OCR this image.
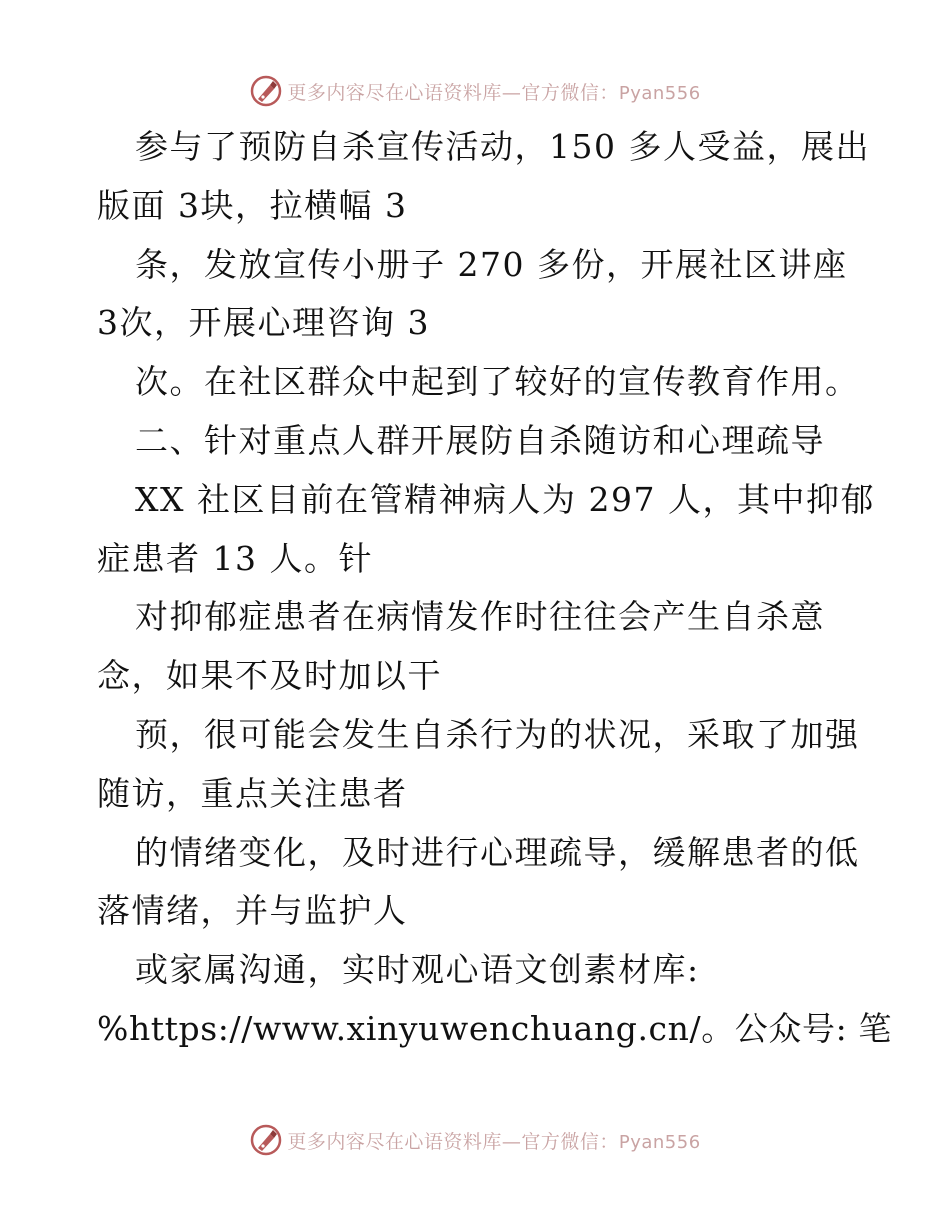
更多内容尽在心语资料库—官方微信：Pyan556
参与了预防自杀宣传活动，150 多人受益，展出
版面 3块，拉横幅 3
条，发放宣传小册子 270 多份，开展社区讲座
3次，开展心理咨询 3
次。在社区群众中起到了较好的宣传教育作用。
二、针对重点人群开展防自杀随访和心理疏导
XX 社区目前在管精神病人为 297 人，其中抑郁
症患者 13 人。针
对抑郁症患者在病情发作时往往会产生自杀意
念，如果不及时加以干
预，很可能会发生自杀行为的状况，采取了加强
随访，重点关注患者
的情绪变化，及时进行心理疏导，缓解患者的低
落情绪，并与监护人
或家属沟通，实时观心语文创素材库:
%https://www.xinyuwenchuang.cn/。公众号: 笔
更多内容尽在心语资料库—官方微信：Pyan556
